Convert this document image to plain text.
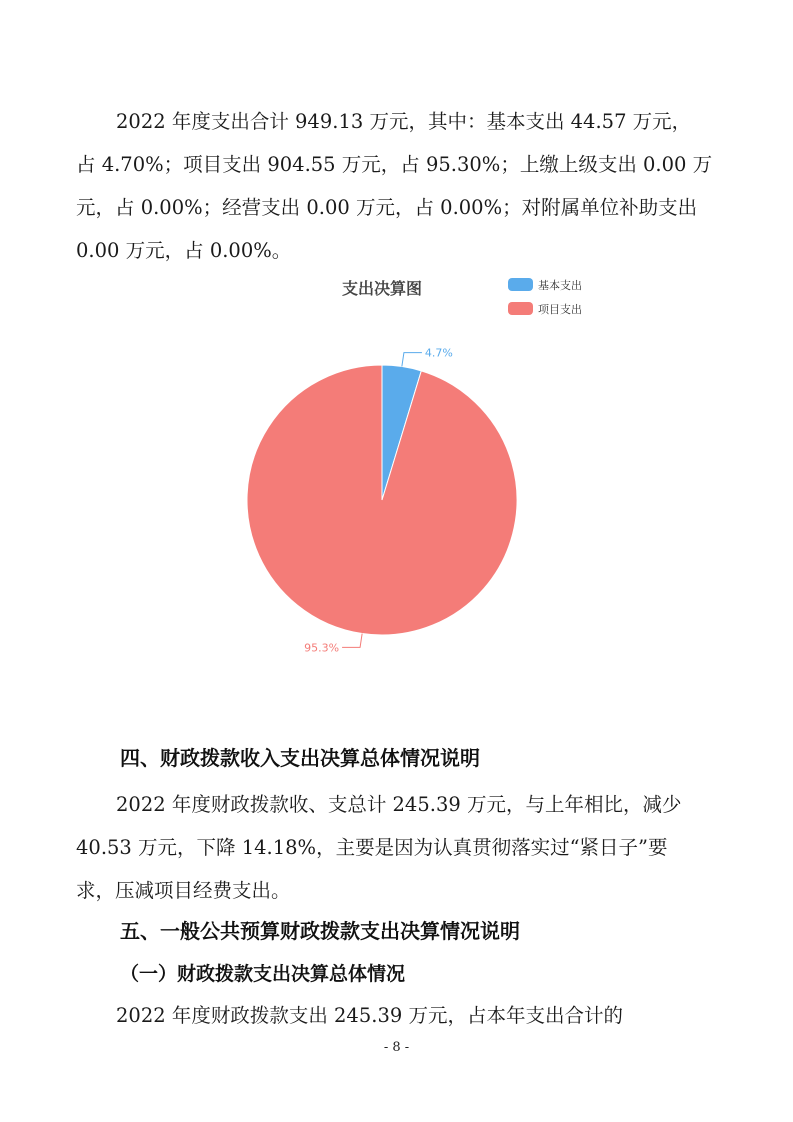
2022 年度支出合计 949.13 万元，其中：基本支出 44.57 万元，
占 4.70%；项目支出 904.55 万元，占 95.30%；上缴上级支出 0.00 万
元，占 0.00%；经营支出 0.00 万元，占 0.00%；对附属单位补助支出
0.00 万元，占 0.00%。
支出决算图	基本支出
项目支出
4.7%
95.3%
四、财政拨款收入支出决算总体情况说明
2022 年度财政拨款收、支总计 245.39 万元，与上年相比，减少
40.53 万元，下降 14.18%，主要是因为认真贯彻落实过“紧日子”要
求，压减项目经费支出。
五、一般公共预算财政拨款支出决算情况说明
（一）财政拨款支出决算总体情况
2022 年度财政拨款支出 245.39 万元，占本年支出合计的
- 8 -
